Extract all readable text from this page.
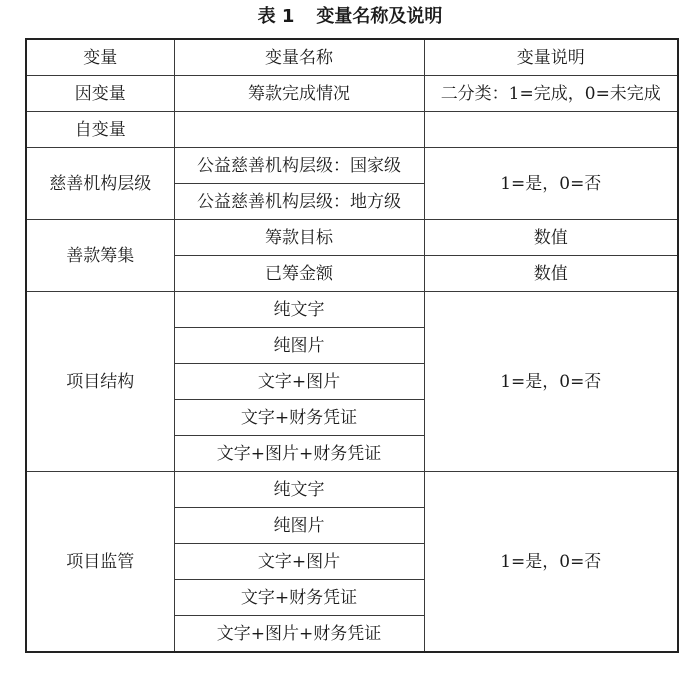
表 1 变量名称及说明
变量	变量名称	变量说明
因变量	筹款完成情况	二分类：1=完成，0=未完成
自变量		
慈善机构层级	公益慈善机构层级：国家级	1=是，0=否
	公益慈善机构层级：地方级	
善款筹集	筹款目标	数值
	已筹金额	数值
项目结构	纯文字	1=是，0=否
	纯图片	
	文字+图片	
	文字+财务凭证	
	文字+图片+财务凭证	
项目监管	纯文字	1=是，0=否
	纯图片	
	文字+图片	
	文字+财务凭证	
	文字+图片+财务凭证	
